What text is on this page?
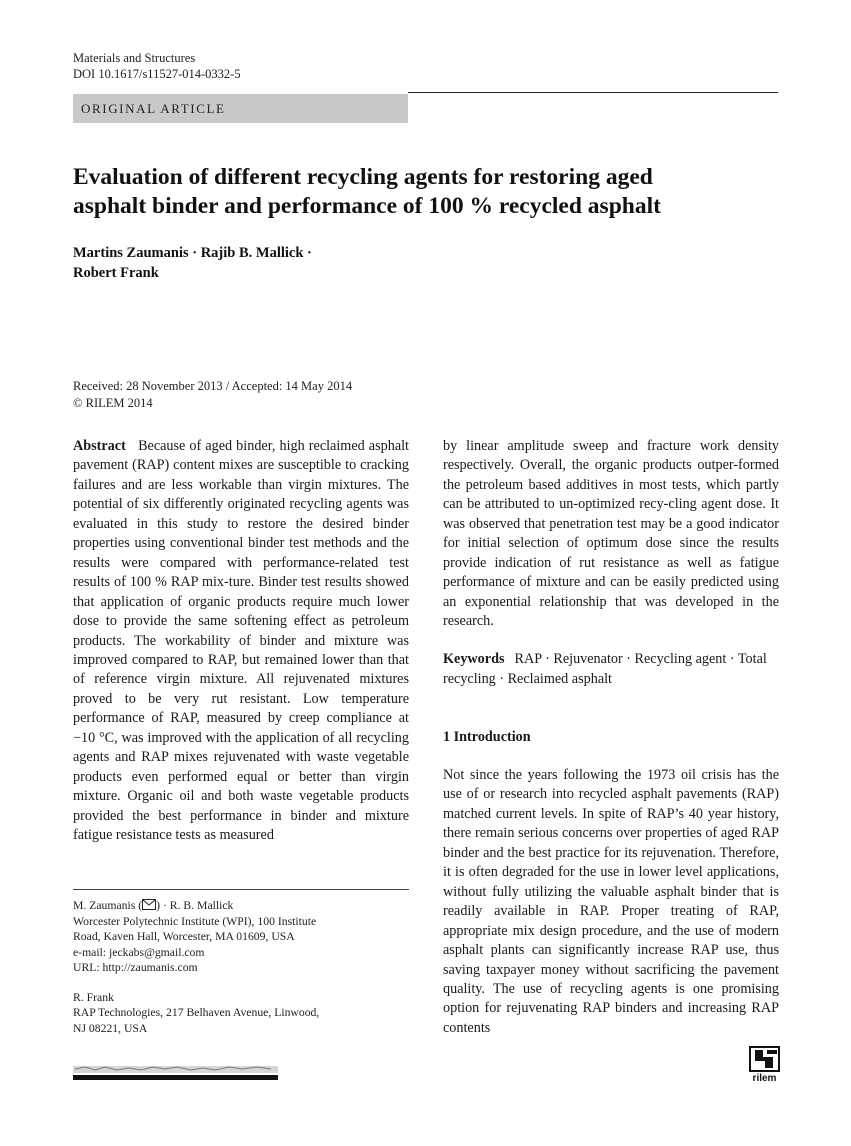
Materials and Structures
DOI 10.1617/s11527-014-0332-5
ORIGINAL ARTICLE
Evaluation of different recycling agents for restoring aged
asphalt binder and performance of 100 % recycled asphalt
Martins Zaumanis · Rajib B. Mallick ·
Robert Frank
Received: 28 November 2013 / Accepted: 14 May 2014
© RILEM 2014

Abstract Because of aged binder, high reclaimed asphalt pavement (RAP) content mixes are susceptible to cracking failures and are less workable than virgin mixtures. The potential of six differently originated recycling agents was evaluated in this study to restore the desired binder properties using conventional binder test methods and the results were compared with performance-related test results of 100 % RAP mix-ture. Binder test results showed that application of organic products require much lower dose to provide the same softening effect as petroleum products. The workability of binder and mixture was improved compared to RAP, but remained lower than that of reference virgin mixture. All rejuvenated mixtures proved to be very rut resistant. Low temperature performance of RAP, measured by creep compliance at −10 °C, was improved with the application of all recycling agents and RAP mixes rejuvenated with waste vegetable products even performed equal or better than virgin mixture. Organic oil and both waste vegetable products provided the best performance in binder and mixture fatigue resistance tests as measured

by linear amplitude sweep and fracture work density respectively. Overall, the organic products outper-formed the petroleum based additives in most tests, which partly can be attributed to un-optimized recy-cling agent dose. It was observed that penetration test may be a good indicator for initial selection of optimum dose since the results provide indication of rut resistance as well as fatigue performance of mixture and can be easily predicted using an exponential relationship that was developed in the research.

Keywords RAP · Rejuvenator · Recycling agent · Total recycling · Reclaimed asphalt
1 Introduction

Not since the years following the 1973 oil crisis has the use of or research into recycled asphalt pavements (RAP) matched current levels. In spite of RAP’s 40 year history, there remain serious concerns over properties of aged RAP binder and the best practice for its rejuvenation. Therefore, it is often degraded for the use in lower level applications, without fully utilizing the valuable asphalt binder that is readily available in RAP. Proper treating of RAP, appropriate mix design procedure, and the use of modern asphalt plants can significantly increase RAP use, thus saving taxpayer money without sacrificing the pavement quality. The use of recycling agents is one promising option for rejuvenating RAP binders and increasing RAP contents

M. Zaumanis ( ) · R. B. Mallick

Worcester Polytechnic Institute (WPI), 100 Institute

Road, Kaven Hall, Worcester, MA 01609, USA

e-mail: jeckabs@gmail.com

URL: http://zaumanis.com

R. Frank

RAP Technologies, 217 Belhaven Avenue, Linwood,

NJ 08221, USA

rilem
